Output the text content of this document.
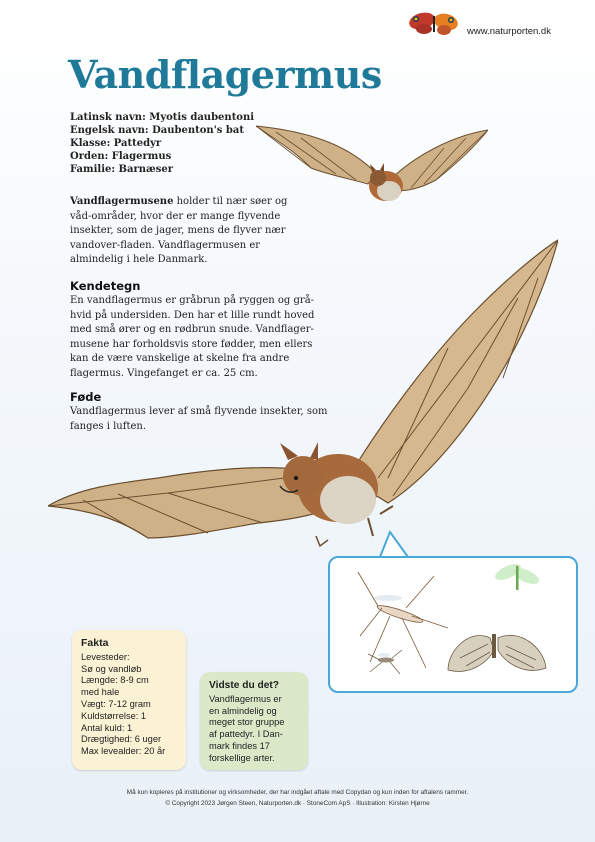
www.naturporten.dk
Vandflagermus
Latinsk navn: Myotis daubentoni
Engelsk navn: Daubenton's bat
Klasse: Pattedyr
Orden: Flagermus
Familie: Barnæser
Vandflagermusene holder til nær søer og våd-områder, hvor der er mange flyvende insekter, som de jager, mens de flyver nær vandover-fladen. Vandflagermusen er almindelig i hele Danmark.
Kendetegn
En vandflagermus er gråbrun på ryggen og grå-hvid på undersiden. Den har et lille rundt hoved med små ører og en rødbrun snude. Vandflager-musene har forholdsvis store fødder, men ellers kan de være vanskelige at skelne fra andre flagermus. Vingefanget er ca. 25 cm.
Føde
Vandflagermus lever af små flyvende insekter, som fanges i luften.
Fakta
Levesteder:
Sø og vandløb
Længde: 8-9 cm
med hale
Vægt: 7-12 gram
Kuldstørrelse: 1
Antal kuld: 1
Drægtighed: 6 uger
Max levealder: 20 år
Vidste du det?
Vandflagermus er
en almindelig og
meget stor gruppe
af pattedyr. I Dan-
mark findes 17
forskellige arter.
Må kun kopieres på institutioner og virksomheder, der har indgået aftale med Copydan og kun inden for aftalens rammer.
© Copyright 2023 Jørgen Steen, Naturporten.dk · StoneCom ApS · Illustration: Kirsten Hjørne
